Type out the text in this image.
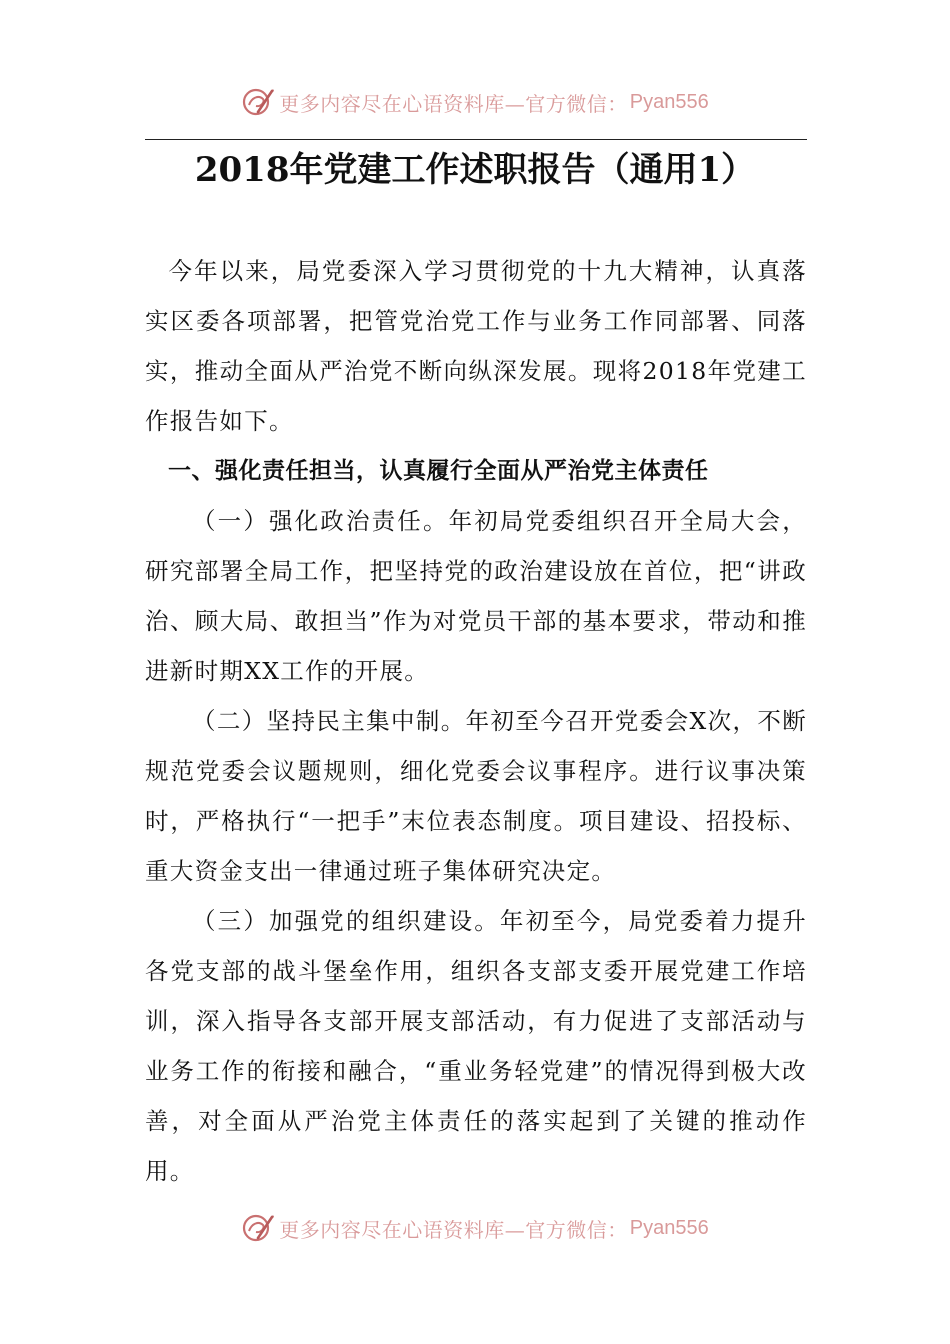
更多内容尽在心语资料库—官方微信： Pyan556
2018年党建工作述职报告（通用1）

今年以来，局党委深入学习贯彻党的十九大精神，认真落实区委各项部署，把管党治党工作与业务工作同部署、同落实，推动全面从严治党不断向纵深发展。现将2018年党建工作报告如下。

一、强化责任担当，认真履行全面从严治党主体责任

（一）强化政治责任。年初局党委组织召开全局大会，研究部署全局工作，把坚持党的政治建设放在首位，把“讲政治、顾大局、敢担当”作为对党员干部的基本要求，带动和推进新时期XX工作的开展。

（二）坚持民主集中制。年初至今召开党委会X次，不断规范党委会议题规则，细化党委会议事程序。进行议事决策时，严格执行“一把手”末位表态制度。项目建设、招投标、重大资金支出一律通过班子集体研究决定。

（三）加强党的组织建设。年初至今，局党委着力提升各党支部的战斗堡垒作用，组织各支部支委开展党建工作培训，深入指导各支部开展支部活动，有力促进了支部活动与业务工作的衔接和融合，“重业务轻党建”的情况得到极大改善，对全面从严治党主体责任的落实起到了关键的推动作用。

更多内容尽在心语资料库—官方微信： Pyan556
